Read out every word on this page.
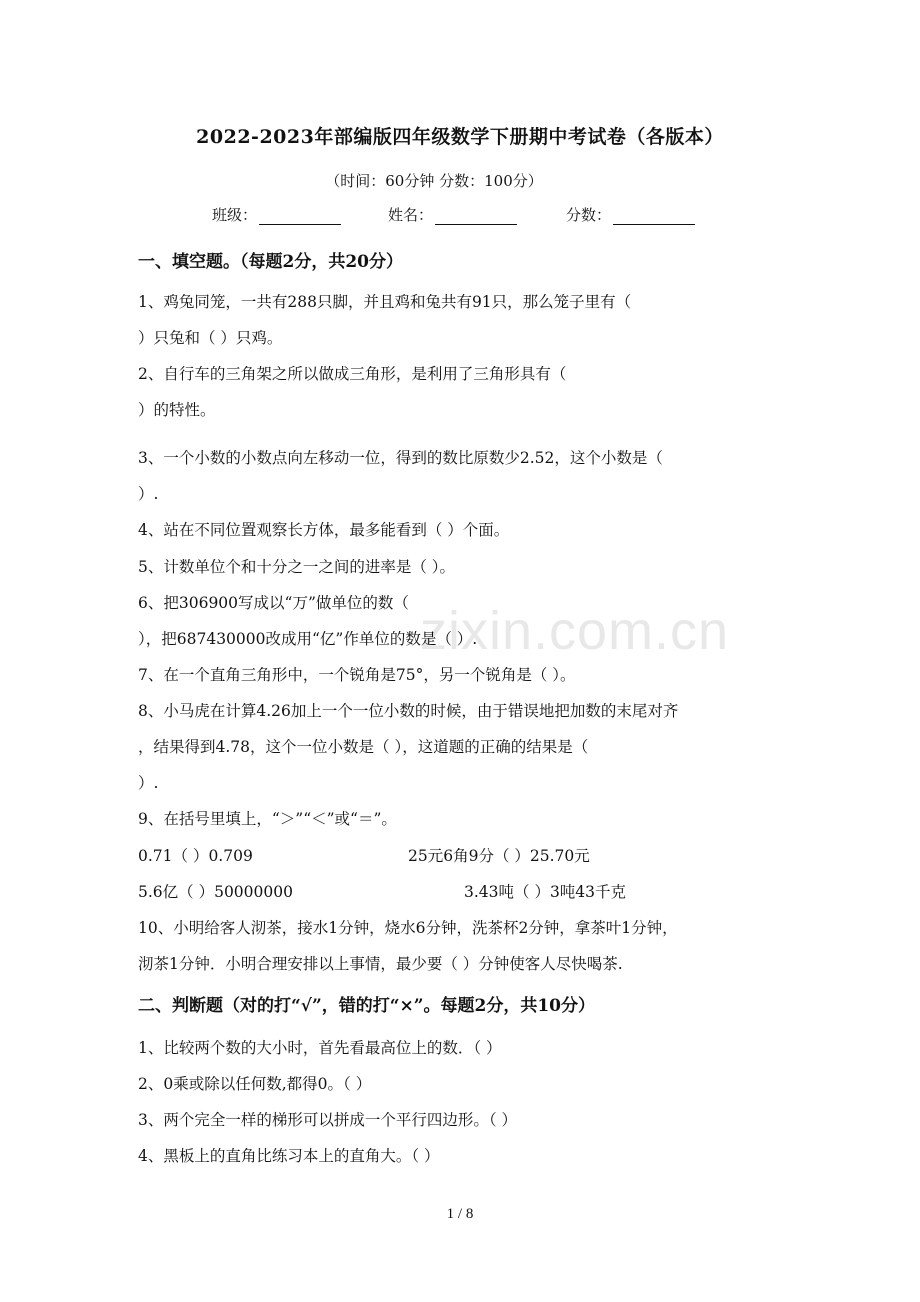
zixin.com.cn
2022-2023年部编版四年级数学下册期中考试卷（各版本）
（时间：60分钟 分数：100分）
班级：	姓名：	分数：
一、填空题。（每题2分，共20分）
1、鸡兔同笼，一共有288只脚，并且鸡和兔共有91只，那么笼子里有（
）只兔和（ ）只鸡。
2、自行车的三角架之所以做成三角形，是利用了三角形具有（
）的特性。
3、一个小数的小数点向左移动一位，得到的数比原数少2.52，这个小数是（
）.
4、站在不同位置观察长方体，最多能看到（ ）个面。
5、计数单位个和十分之一之间的进率是（ ）。
6、把306900写成以“万”做单位的数（
），把687430000改成用“亿”作单位的数是（ ）.
7、在一个直角三角形中，一个锐角是75°，另一个锐角是（ ）。
8、小马虎在计算4.26加上一个一位小数的时候，由于错误地把加数的末尾对齐
，结果得到4.78，这个一位小数是（ ），这道题的正确的结果是（
）.
9、在括号里填上，“＞”“＜”或“＝”。
0.71（ ）0.709	25元6角9分（ ）25.70元
5.6亿（ ）50000000	3.43吨（ ）3吨43千克
10、小明给客人沏茶，接水1分钟，烧水6分钟，洗茶杯2分钟，拿茶叶1分钟，
沏茶1分钟．小明合理安排以上事情，最少要（ ）分钟使客人尽快喝茶.
二、判断题（对的打“√”，错的打“×”。每题2分，共10分）
1、比较两个数的大小时，首先看最高位上的数．（ ）
2、0乘或除以任何数,都得0。（ ）
3、两个完全一样的梯形可以拼成一个平行四边形。（ ）
4、黑板上的直角比练习本上的直角大。（ ）
1 / 8
